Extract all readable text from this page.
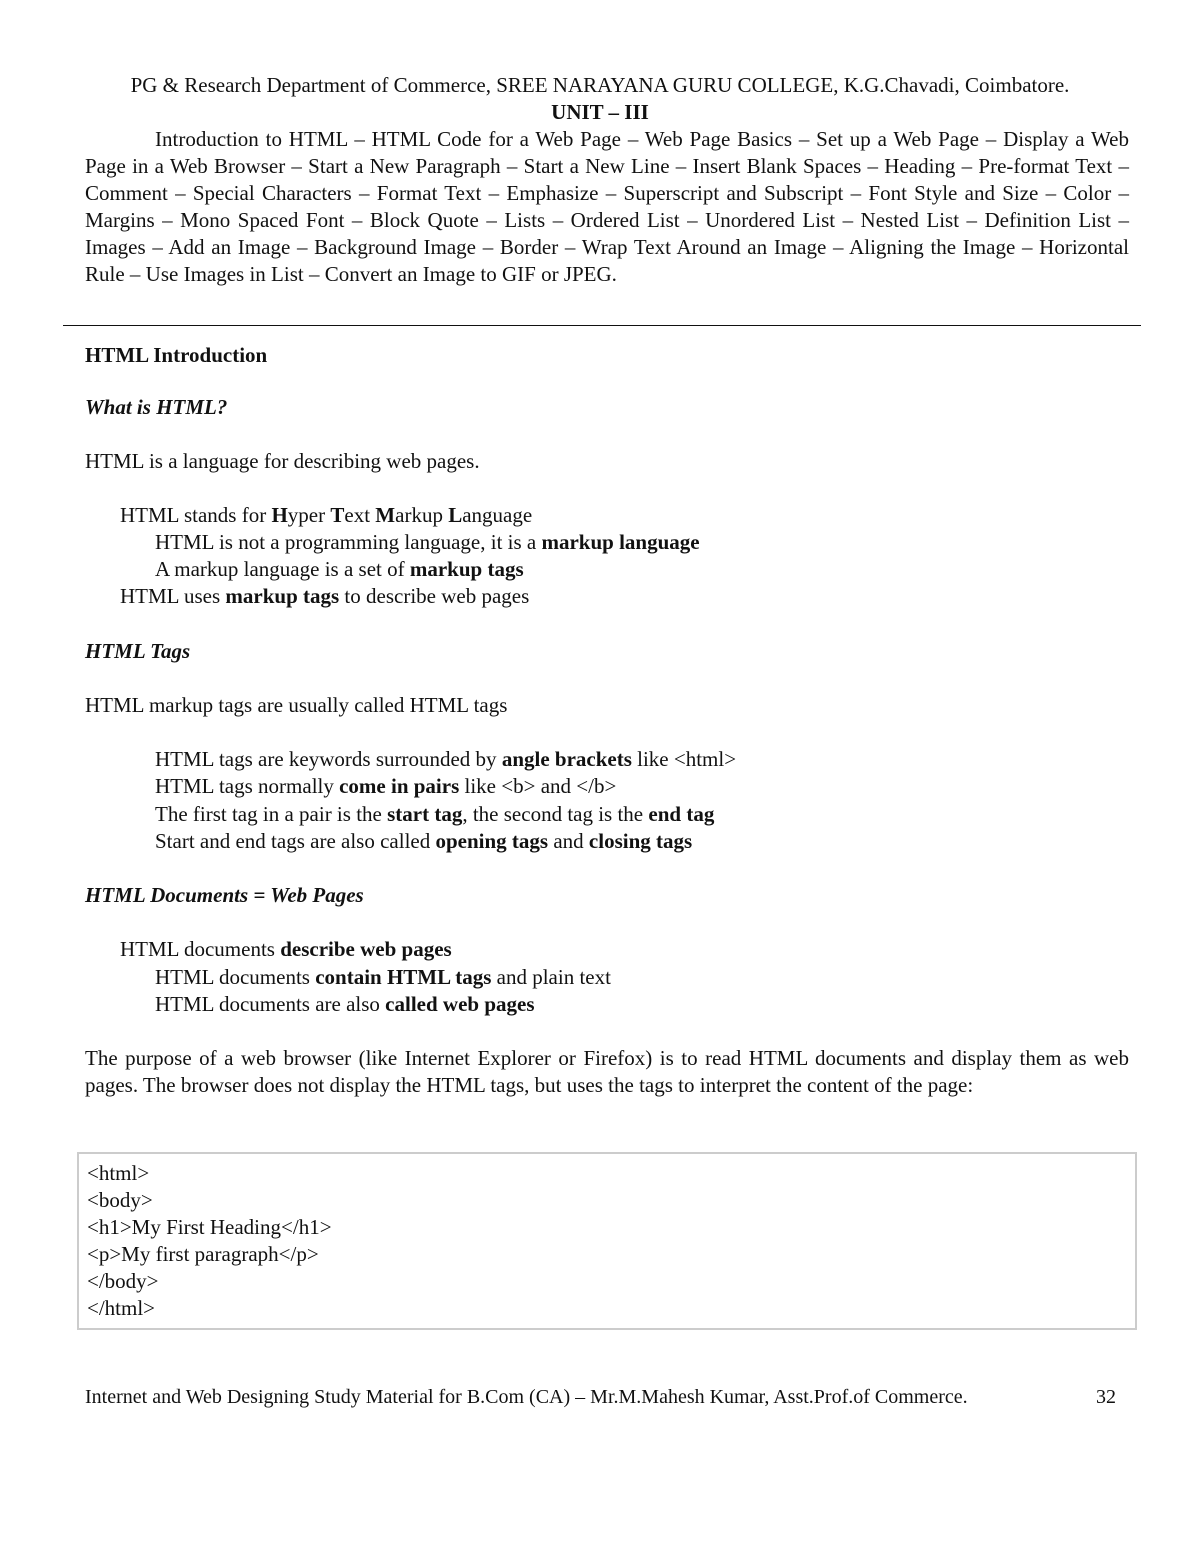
PG & Research Department of Commerce, SREE NARAYANA GURU COLLEGE, K.G.Chavadi, Coimbatore.
UNIT – III

Introduction to HTML – HTML Code for a Web Page – Web Page Basics – Set up a Web Page – Display a Web Page in a Web Browser – Start a New Paragraph – Start a New Line – Insert Blank Spaces – Heading – Pre-format Text – Comment – Special Characters – Format Text – Emphasize – Superscript and Subscript – Font Style and Size – Color – Margins – Mono Spaced Font – Block Quote – Lists – Ordered List – Unordered List – Nested List – Definition List – Images – Add an Image – Background Image – Border – Wrap Text Around an Image – Aligning the Image – Horizontal Rule – Use Images in List – Convert an Image to GIF or JPEG.

HTML Introduction
What is HTML?
HTML is a language for describing web pages.
HTML stands for Hyper Text Markup Language
HTML is not a programming language, it is a markup language
A markup language is a set of markup tags
HTML uses markup tags to describe web pages
HTML Tags
HTML markup tags are usually called HTML tags
HTML tags are keywords surrounded by angle brackets like <html>
HTML tags normally come in pairs like <b> and </b>
The first tag in a pair is the start tag, the second tag is the end tag
Start and end tags are also called opening tags and closing tags
HTML Documents = Web Pages
HTML documents describe web pages
HTML documents contain HTML tags and plain text
HTML documents are also called web pages

The purpose of a web browser (like Internet Explorer or Firefox) is to read HTML documents and display them as web pages. The browser does not display the HTML tags, but uses the tags to interpret the content of the page:

<html>
<body>
<h1>My First Heading</h1>
<p>My first paragraph</p>
</body>
</html>
Internet and Web Designing Study Material for B.Com (CA) – Mr.M.Mahesh Kumar, Asst.Prof.of Commerce.	32
